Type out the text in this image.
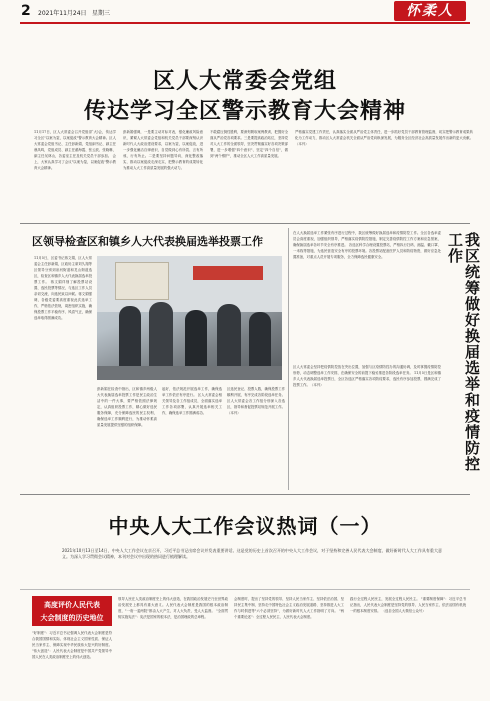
2 2021年11月24日 星期三	怀柔人
区人大常委会党组
传达学习全区警示教育大会精神
11月17日，区人大常委会召开党组(扩大)会，传达学习全区"以案为鉴，以案促改"警示教育大会精神。区人大常委会党组书记、主任彭新娟，党组副书记、副主任谯凤鸣，党组成员、副主任翟海霞、张云波、张晓琳，副主任吴林山，各委室主任及机关党员干部参加。 会上，大家认真学习了会议"以案为鉴，以案促改"警示教育大会精神。
彭新娟强调，一是要主动对标对表，强化廉政风险意识，紧紧人大常委会党组和机关党员干部要深刻认识新时代人大政治建设要求，以案为鉴，以案促改，进一步强化廉洁自律意识，自觉做到心有所畏、言有所戒、行有所止。二是要坚持问题导向，深化整改落实，推动以案促改走深走实，把警示教育的成果转化为推动人大工作高质量发展的强大动力。
不敢腐压倒性胜利，要深刻吸取案例教训，把握好全面从严治党各项要求。三是要提高政治站位，坚持党对人大工作的全面领导，坚决贯彻落实好各项决策部署，进一步增强"四个意识"、坚定"四个自信"，做到"两个维护"，推动全区人大工作高质量发展。
严格落实党建工作责任，认真落实全面从严治党主体责任，进一步抓好党员干部教育管理监督，切实把警示教育成果转化为工作动力，推动区人大常委会机关全面从严治党向纵深发展，为服务全区经济社会高质量发展作出新的更大贡献。（本刊）
区领导检查区和镇乡人大代表换届选举投票工作
11月5日，区委书记蒋文娟，区人大常委会主任彭新娟，区政协主席刘久翔等区领导分别到泉河街道和龙山街道选区，检查区和镇乡人大代表换届选举投票工作。 蒋文娟详细了解投票站设置、选民投票等情况，与选区工作人员亲切交流，向选民致以问候。蒋文娟强调，各级党委要高度重视此次选举工作，严格依法依规，周密组织实施，确保投票工作平稳有序、风清气正，确保选举取得圆满成功。
彭新娟在检查中指出，区和镇乡两级人大代表换届选举投票工作是民主政治生活中的一件大事，要严格依照法律规定，认真组织投票工作，精心做好选民服务保障，充分保障选民的民主权利，确保选举工作顺利进行，为推动怀柔高质量发展提供坚强的组织保障。
起好，依法规范开展选举工作，确保选举工作依法有序进行。 区人大常委会相关领导及各工作组成员，全面落实选举工作各项部署，认真开展选举相关工作，确保选举工作圆满成功。
区选民登记、投票人数，确保投票工作顺利开展，有序完成各阶段选举任务。区人大常委会各工作组分别深入各选区，指导和督促投票站规范开展工作。（本刊）
在人大换届选举工作紧张有序进行过程中，我区统筹做好换届选举和疫情防控工作。全区各选举委员会高度重视，加强组织领导，严格落实疫情防控措施，制定完善疫情防控工作方案和应急预案，确保换届选举各环节安全有序推进。 各选区科学合理设置投票站，严格执行扫码、测温、戴口罩、一米线等措施，为选民营造安全有序的投票环境。各投票站配备医护人员和防疫物资，做好应急处置准备，对重点人员开展专项服务，全力保障选民健康安全。	我区统筹做好换届选举和疫情防控工作
区人大常委会坚持把疫情防控放在突出位置，加强与区疫情防控办的沟通协调，及时掌握疫情防控形势，动态调整选举工作安排，在确保安全的前提下稳妥推进各阶段选举任务。 11月5日是区和镇乡人大代表换届选举投票日，全区各选区严格落实各项防疫要求，选民有序参加投票，圆满完成了投票工作。（本刊）
中央人大工作会议热词（一）
2021年10月13日至14日，中央人大工作会议在京召开，习近平总书记出席会议并发表重要讲话。这是党的历史上首次召开的中央人大工作会议，对于坚持和完善人民代表大会制度、做好新时代人大工作具有重大意义。为深入学习贯彻会议精神，本刊对会议中出现的热词进行梳理解读。
高度评价人民代表
大会制度的历史地位
"好制度"：习近平总书记强调人民代表大会制度是符合我国国情和实际、体现社会主义国家性质、保证人民当家作主、保障实现中华民族伟大复兴的好制度。 "伟大创造"：人民代表大会制度是中国共产党领导中国人民在人类政治制度史上的伟大创造。
领导人民在人类政治制度史上的伟大创造，在我国政治发展史乃至世界政治发展史上都具有重大意义。人民代表大会制度是我国的根本政治制度，"一府一委两院"都由人大产生，对人大负责，受人大监督。 "全面贯彻实施宪法"：宪法是国家的根本法，是治国理政的总章程。
会制度时，提出了坚持党的领导、坚持人民当家作主、坚持依法治国、坚持民主集中制、坚持走中国特色社会主义政治发展道路、坚持推进人大工作与时俱进等"六个必须坚持"，为做好新时代人大工作指明了方向。 "两个重要论述"：全过程人民民主、人民代表大会制度。
践行全过程人民民主，发展全过程人民民主。 "重要制度保障"：习近平总书记指出，人民代表大会制度是坚持党的领导、人民当家作主、依法治国有机统一的根本制度安排。 （选自全国人大微信公众号）
